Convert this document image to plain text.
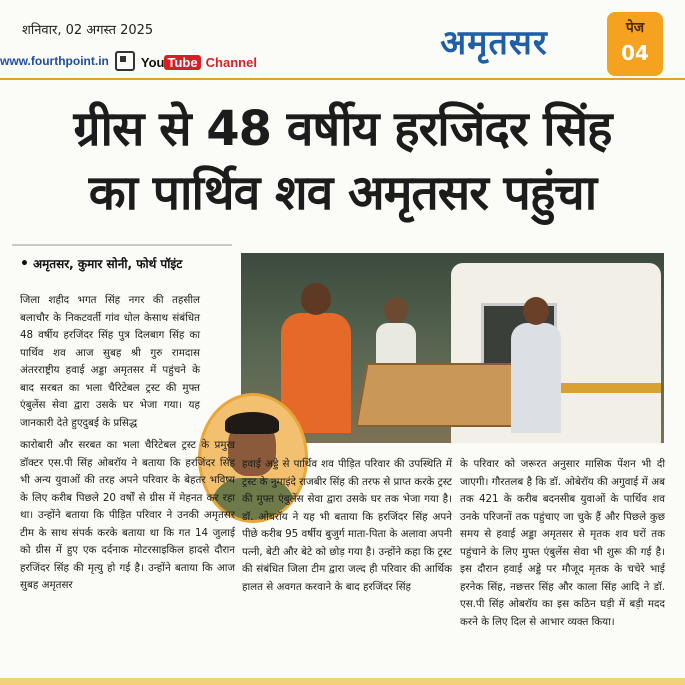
शनिवार, 02 अगस्त 2025
www.fourthpoint.in You Tube Channel	अमृतसर	पेज
04
ग्रीस से 48 वर्षीय हरजिंदर सिंह
का पार्थिव शव अमृतसर पहुंचा
• अमृतसर, कुमार सोनी, फोर्थ पॉइंट

जिला शहीद भगत सिंह नगर की तहसील बलाचौर के निकटवर्ती गांव धोल केसाथ संबंधित 48 वर्षीय हरजिंदर सिंह पुत्र दिलबाग सिंह का पार्थिव शव आज सुबह श्री गुरु रामदास अंतरराष्ट्रीय हवाई अड्डा अमृतसर में पहुंचने के बाद सरबत का भला चैरिटेबल ट्रस्ट की मुफ्त एंबुलेंस सेवा द्वारा उसके घर भेजा गया। यह जानकारी देते हुएदुबई के प्रसिद्ध

कारोबारी और सरबत का भला चैरिटेबल ट्रस्ट के प्रमुख डॉक्टर एस.पी सिंह ओबरॉय ने बताया कि हरजिंदर सिंह भी अन्य युवाओं की तरह अपने परिवार के बेहतर भविष्य के लिए करीब पिछले 20 वर्षों से ग्रीस में मेहनत कर रहा था। उन्होंने बताया कि पीड़ित परिवार ने उनकी अमृतसर टीम के साथ संपर्क करके बताया था कि गत 14 जुलाई को ग्रीस में हुए एक दर्दनाक मोटरसाइकिल हादसे दौरान हरजिंदर सिंह की मृत्यु हो गई है। उन्होंने बताया कि आज सुबह अमृतसर

हवाई अड्डे से पार्थिव शव पीड़ित परिवार की उपस्थिति में ट्रस्ट के नुमाइंदे राजबीर सिंह की तरफ से प्राप्त करके ट्रस्ट की मुफ्त एंबुलेंस सेवा द्वारा उसके घर तक भेजा गया है। डॉ. ओबरॉय ने यह भी बताया कि हरजिंदर सिंह अपने पीछे करीब 95 वर्षीय बुजुर्ग माता-पिता के अलावा अपनी पत्नी, बेटी और बेटे को छोड़ गया है। उन्होंने कहा कि ट्रस्ट की संबंधित जिला टीम द्वारा जल्द ही परिवार की आर्थिक हालत से अवगत करवाने के बाद हरजिंदर सिंह

के परिवार को जरूरत अनुसार मासिक पेंशन भी दी जाएगी। गौरतलब है कि डॉ. ओबेरॉय की अगुवाई में अब तक 421 के करीब बदनसीब युवाओं के पार्थिव शव उनके परिजनों तक पहुंचाए जा चुके हैं और पिछले कुछ समय से हवाई अड्डा अमृतसर से मृतक शव घरों तक पहुंचाने के लिए मुफ्त एंबुलेंस सेवा भी शुरू की गई है। इस दौरान हवाई अड्डे पर मौजूद मृतक के चचेरे भाई हरनेक सिंह, नछत्तर सिंह और काला सिंह आदि ने डॉ. एस.पी सिंह ओबरॉय का इस कठिन घड़ी में बड़ी मदद करने के लिए दिल से आभार व्यक्त किया।
